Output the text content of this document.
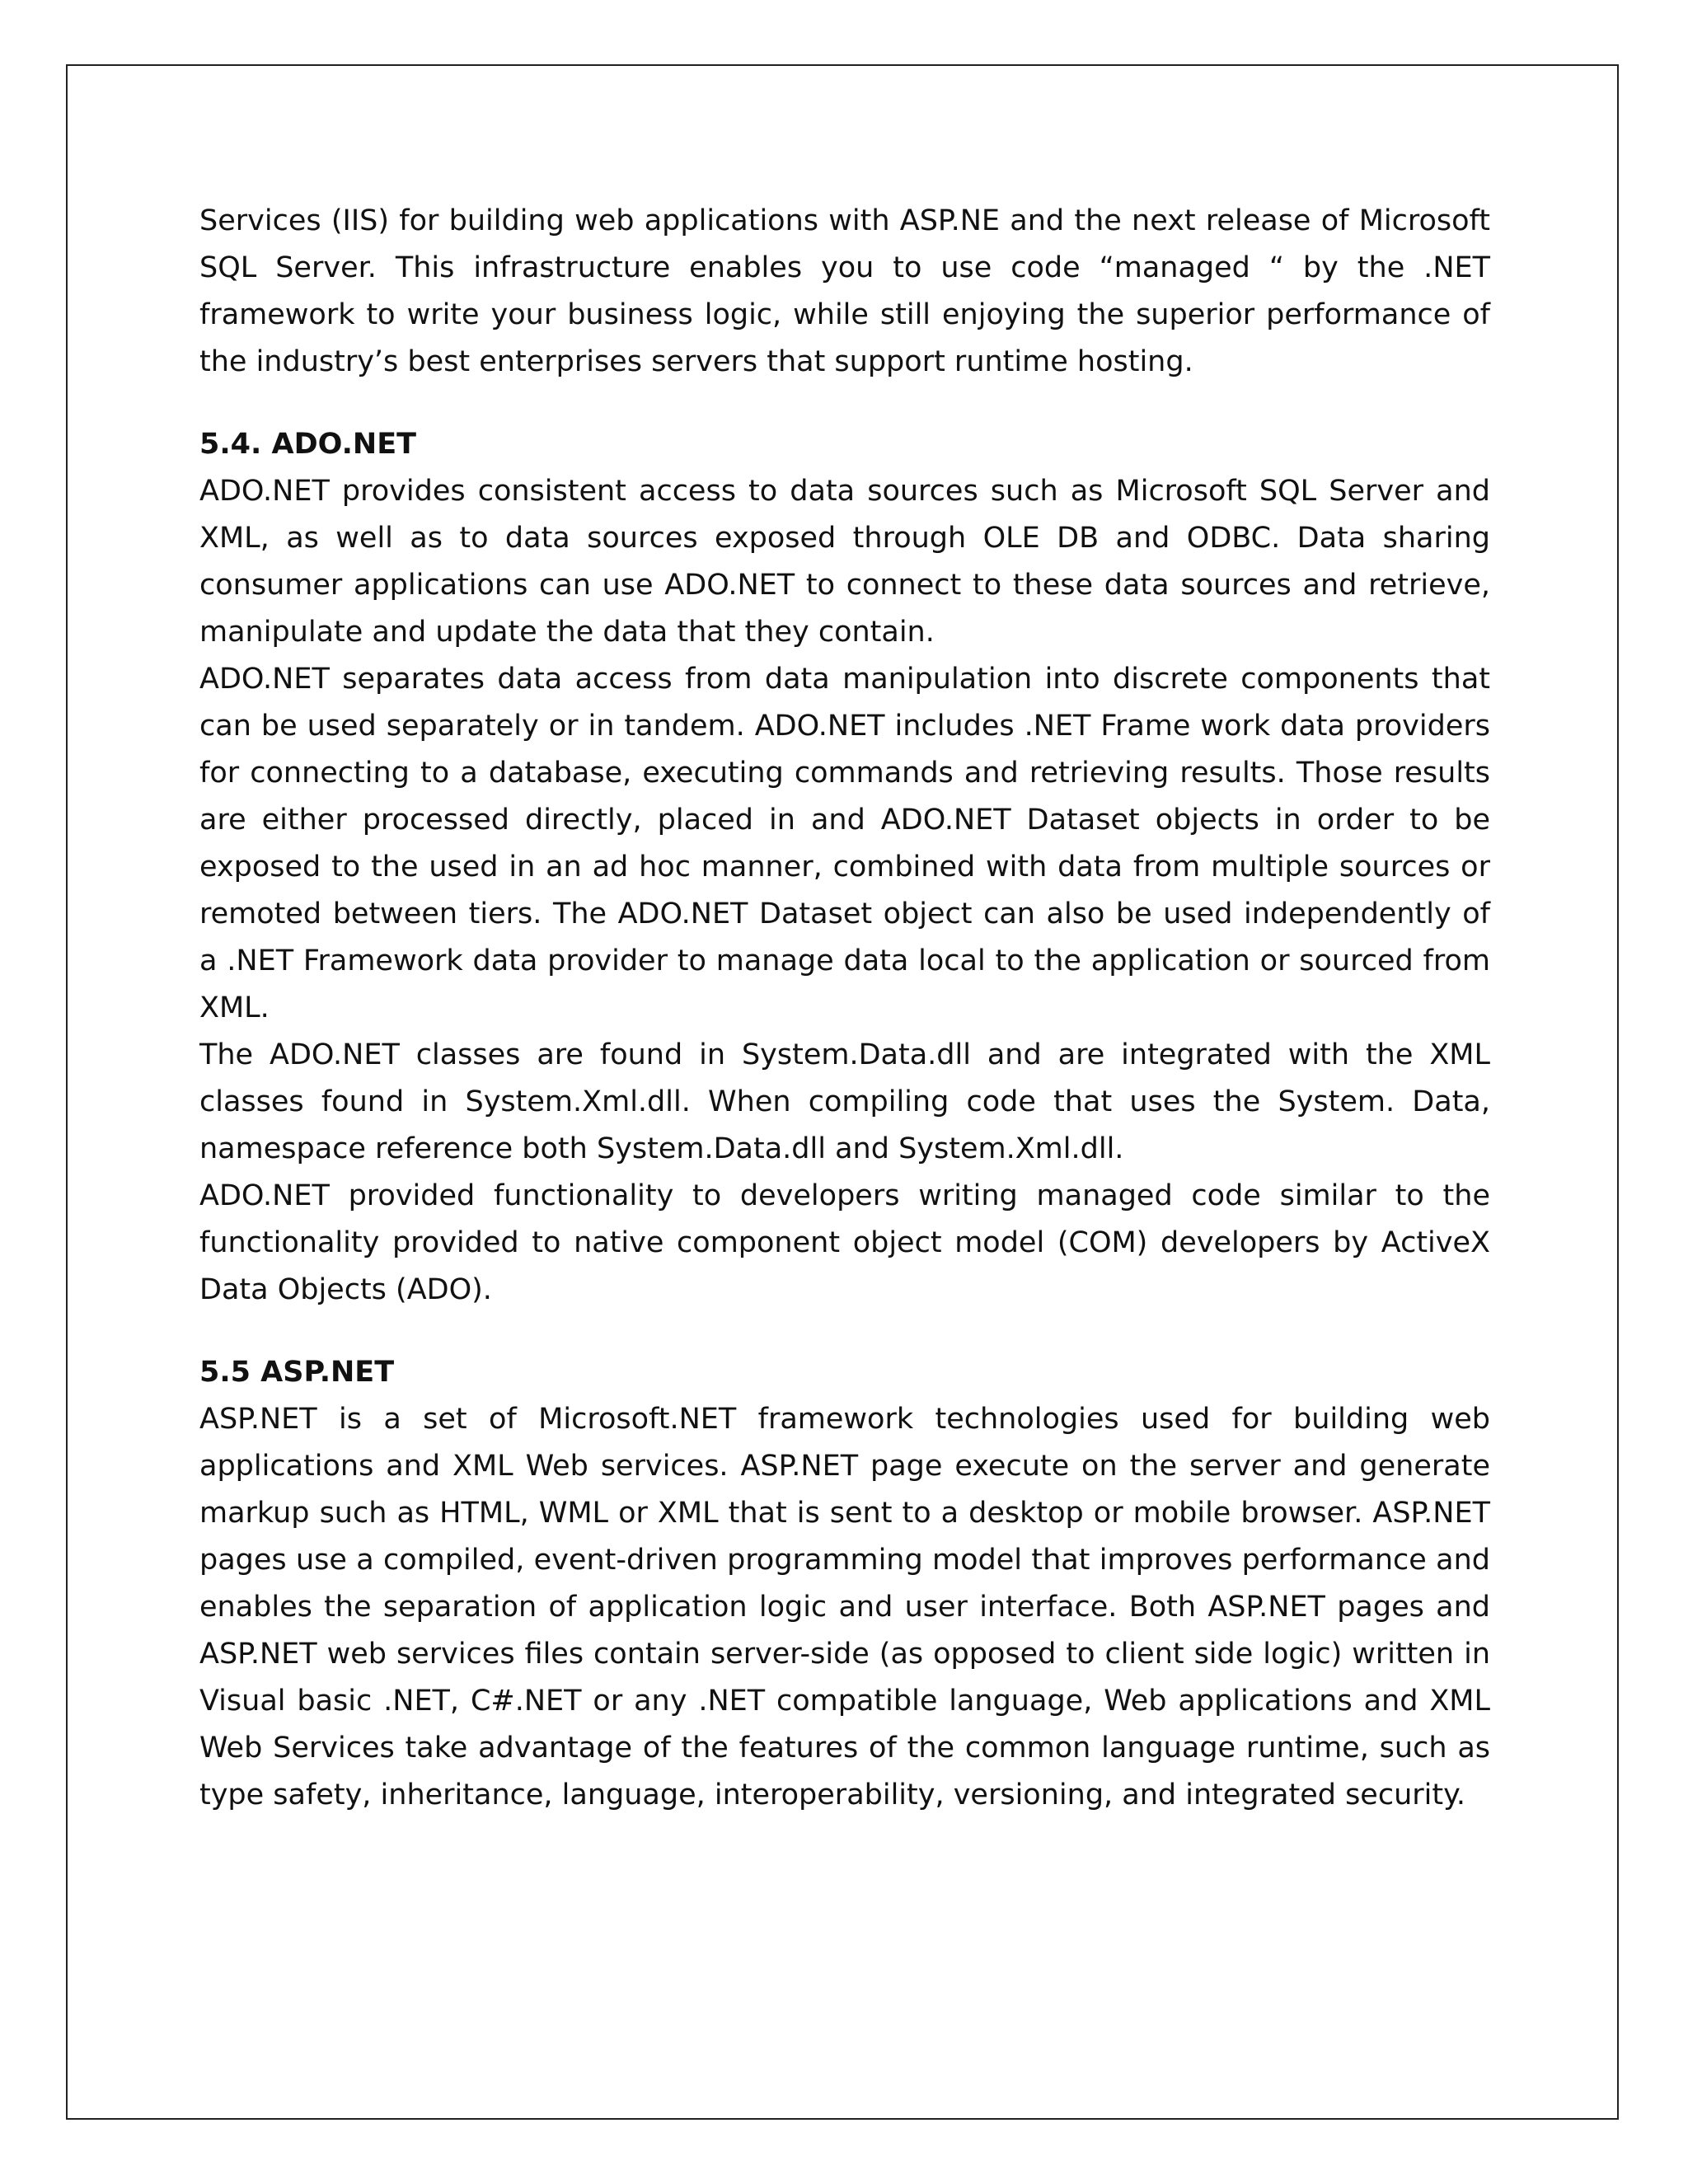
Services (IIS) for building web applications with ASP.NE and the next release of Microsoft SQL Server. This infrastructure enables you to use code “managed “ by the .NET framework to write your business logic, while still enjoying the superior performance of the industry’s best enterprises servers that support runtime hosting.

5.4. ADO.NET

ADO.NET provides consistent access to data sources such as Microsoft SQL Server and XML, as well as to data sources exposed through OLE DB and ODBC. Data sharing consumer applications can use ADO.NET to connect to these data sources and retrieve, manipulate and update the data that they contain.

ADO.NET separates data access from data manipulation into discrete components that can be used separately or in tandem. ADO.NET includes .NET Frame work data providers for connecting to a database, executing commands and retrieving results. Those results are either processed directly, placed in and ADO.NET Dataset objects in order to be exposed to the used in an ad hoc manner, combined with data from multiple sources or remoted between tiers. The ADO.NET Dataset object can also be used independently of a .NET Framework data provider to manage data local to the application or sourced from XML.

The ADO.NET classes are found in System.Data.dll and are integrated with the XML classes found in System.Xml.dll. When compiling code that uses the System. Data, namespace reference both System.Data.dll and System.Xml.dll.

ADO.NET provided functionality to developers writing managed code similar to the functionality provided to native component object model (COM) developers by ActiveX Data Objects (ADO).

5.5 ASP.NET

ASP.NET is a set of Microsoft.NET framework technologies used for building web applications and XML Web services. ASP.NET page execute on the server and generate markup such as HTML, WML or XML that is sent to a desktop or mobile browser. ASP.NET pages use a compiled, event-driven programming model that improves performance and enables the separation of application logic and user interface. Both ASP.NET pages and ASP.NET web services files contain server-side (as opposed to client side logic) written in Visual basic .NET, C#.NET or any .NET compatible language, Web applications and XML Web Services take advantage of the features of the common language runtime, such as type safety, inheritance, language, interoperability, versioning, and integrated security.
